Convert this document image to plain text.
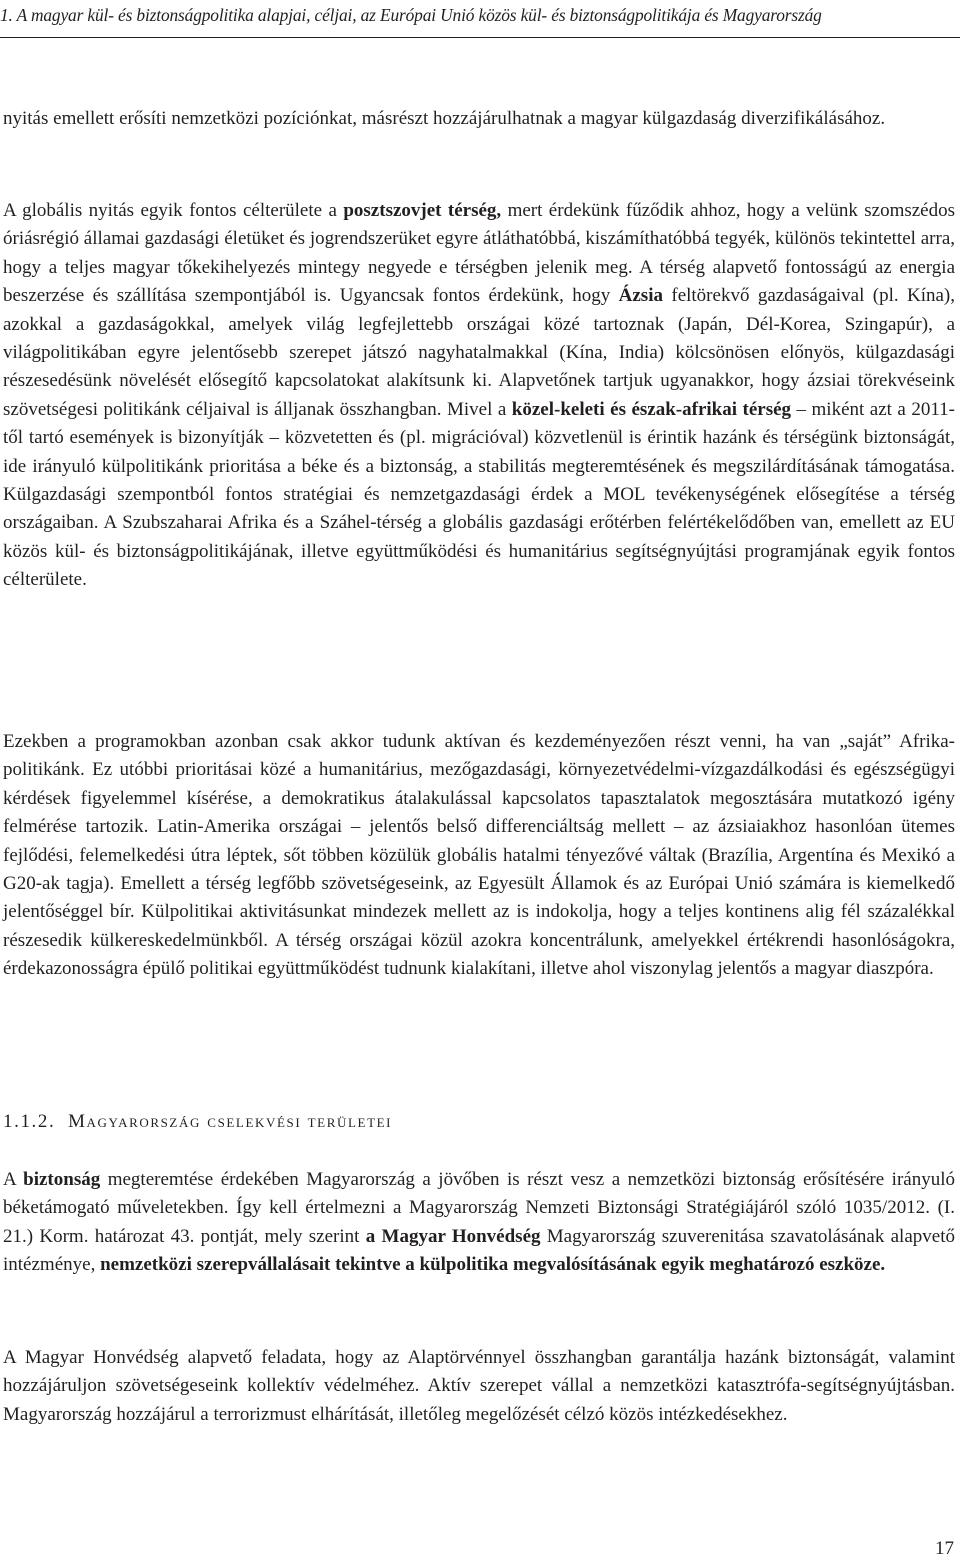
1. A magyar kül- és biztonságpolitika alapjai, céljai, az Európai Unió közös kül- és biztonságpolitikája és Magyarország

nyitás emellett erősíti nemzetközi pozíciónkat, másrészt hozzájárulhatnak a magyar külgazdaság diverzifikálásához.

A globális nyitás egyik fontos célterülete a posztszovjet térség, mert érdekünk fűződik ahhoz, hogy a velünk szomszédos óriásrégió államai gazdasági életüket és jogrendszerüket egyre átláthatóbbá, kiszámíthatóbbá tegyék, különös tekintettel arra, hogy a teljes magyar tőkekihelyezés mintegy negyede e térségben jelenik meg. A térség alapvető fontosságú az energia beszerzése és szállítása szempontjából is. Ugyancsak fontos érdekünk, hogy Ázsia feltörekvő gazdaságaival (pl. Kína), azokkal a gazdaságokkal, amelyek világ legfejlettebb országai közé tartoznak (Japán, Dél-Korea, Szingapúr), a világpolitikában egyre jelentősebb szerepet játszó nagyhatalmakkal (Kína, India) kölcsönösen előnyös, külgazdasági részesedésünk növelését elősegítő kapcsolatokat alakítsunk ki. Alapvetőnek tartjuk ugyanakkor, hogy ázsiai törekvéseink szövetségesi politikánk céljaival is álljanak összhangban. Mivel a közel-keleti és észak-afrikai térség – miként azt a 2011-től tartó események is bizonyítják – közvetetten és (pl. migrációval) közvetlenül is érintik hazánk és térségünk biztonságát, ide irányuló külpolitikánk prioritása a béke és a biztonság, a stabilitás megteremtésének és megszilárdításának támogatása. Külgazdasági szempontból fontos stratégiai és nemzetgazdasági érdek a MOL tevékenységének elősegítése a térség országaiban. A Szubszaharai Afrika és a Száhel-térség a globális gazdasági erőtérben felértékelődőben van, emellett az EU közös kül- és biztonságpolitikájának, illetve együttműködési és humanitárius segítségnyújtási programjának egyik fontos célterülete.

Ezekben a programokban azonban csak akkor tudunk aktívan és kezdeményezően részt venni, ha van „saját” Afrika-politikánk. Ez utóbbi prioritásai közé a humanitárius, mezőgazdasági, környezetvédelmi-vízgazdálkodási és egészségügyi kérdések figyelemmel kísérése, a demokratikus átalakulással kapcsolatos tapasztalatok megosztására mutatkozó igény felmérése tartozik. Latin-Amerika országai – jelentős belső differenciáltság mellett – az ázsiaiakhoz hasonlóan ütemes fejlődési, felemelkedési útra léptek, sőt többen közülük globális hatalmi tényezővé váltak (Brazília, Argentína és Mexikó a G20-ak tagja). Emellett a térség legfőbb szövetségeseink, az Egyesült Államok és az Európai Unió számára is kiemelkedő jelentőséggel bír. Külpolitikai aktivitásunkat mindezek mellett az is indokolja, hogy a teljes kontinens alig fél százalékkal részesedik külkereskedelmünkből. A térség országai közül azokra koncentrálunk, amelyekkel értékrendi hasonlóságokra, érdekazonosságra épülő politikai együttműködést tudnunk kialakítani, illetve ahol viszonylag jelentős a magyar diaszpóra.

1.1.2. Magyarország cselekvési területei

A biztonság megteremtése érdekében Magyarország a jövőben is részt vesz a nemzetközi biztonság erősítésére irányuló béketámogató műveletekben. Így kell értelmezni a Magyarország Nemzeti Biztonsági Stratégiájáról szóló 1035/2012. (I. 21.) Korm. határozat 43. pontját, mely szerint a Magyar Honvédség Magyarország szuverenitása szavatolásának alapvető intézménye, nemzetközi szerepvállalásait tekintve a külpolitika megvalósításának egyik meghatározó eszköze.

A Magyar Honvédség alapvető feladata, hogy az Alaptörvénnyel összhangban garantálja hazánk biztonságát, valamint hozzájáruljon szövetségeseink kollektív védelméhez. Aktív szerepet vállal a nemzetközi katasztrófa-segítségnyújtásban. Magyarország hozzájárul a terrorizmust elhárítását, illetőleg megelőzését célzó közös intézkedésekhez.

17
